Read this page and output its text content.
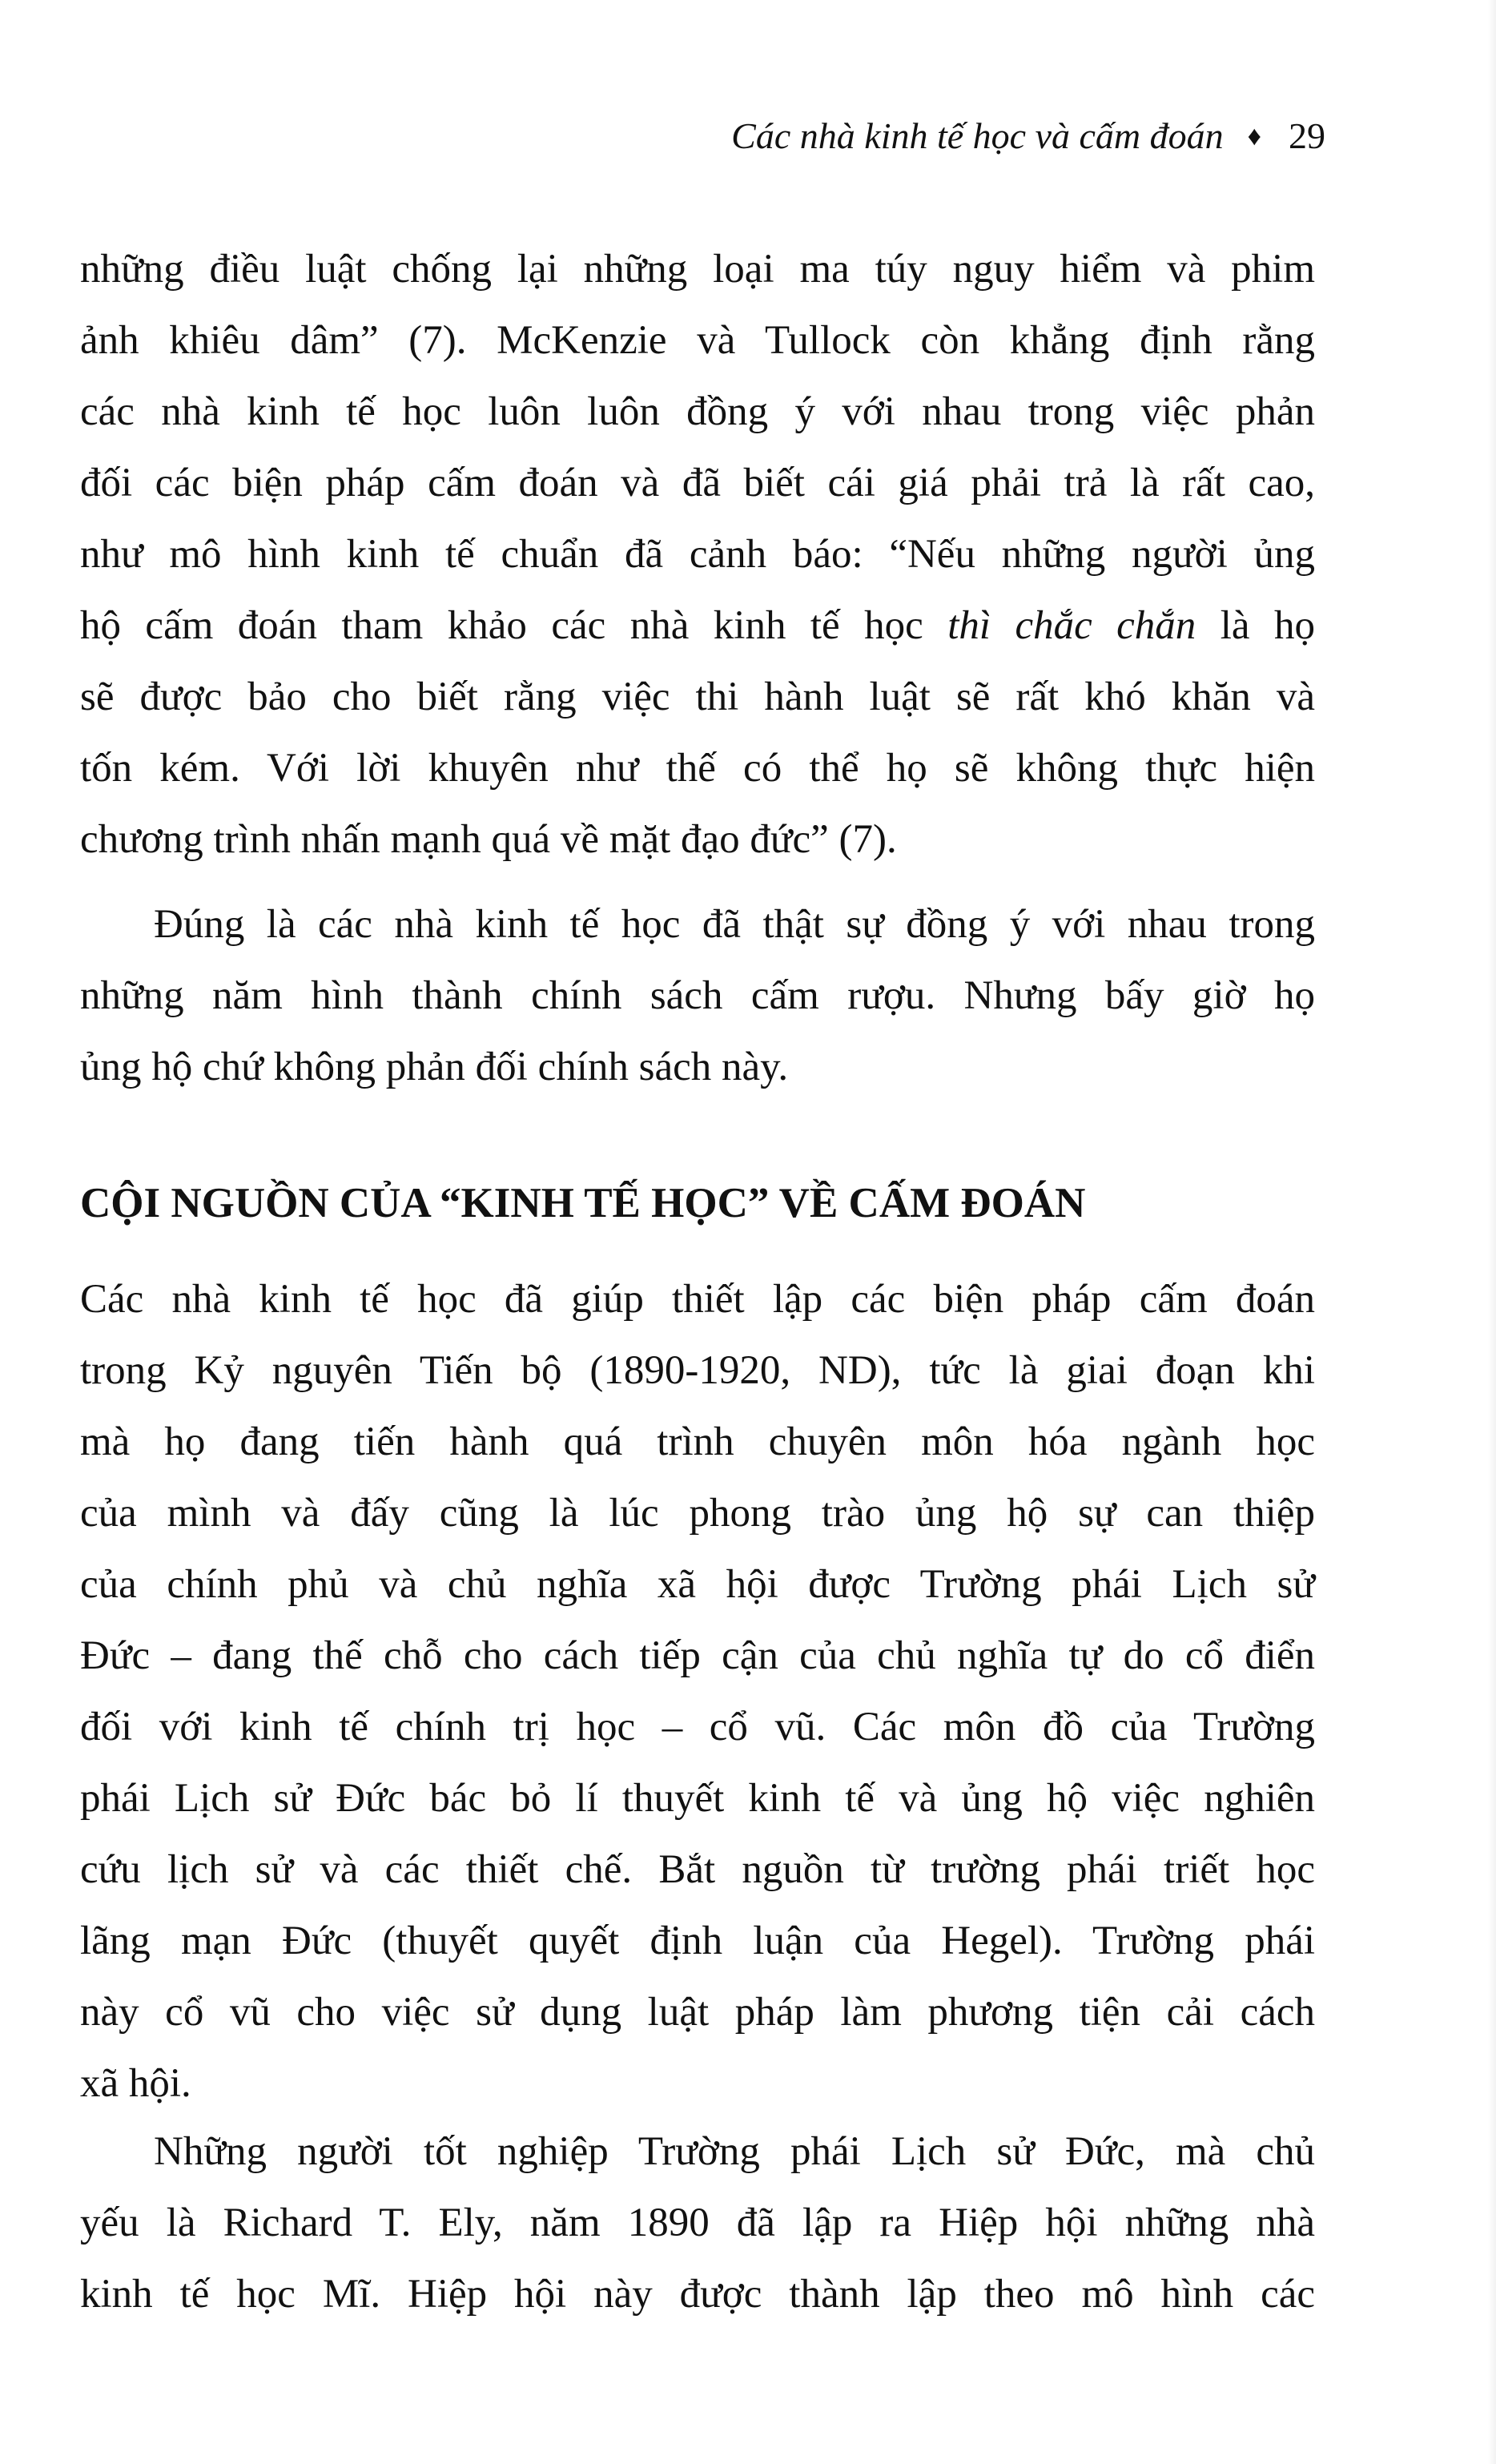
Các nhà kinh tế học và cấm đoán ♦ 29
những điều luật chống lại những loại ma túy nguy hiểm và phim
ảnh khiêu dâm” (7). McKenzie và Tullock còn khẳng định rằng
các nhà kinh tế học luôn luôn đồng ý với nhau trong việc phản
đối các biện pháp cấm đoán và đã biết cái giá phải trả là rất cao,
như mô hình kinh tế chuẩn đã cảnh báo: “Nếu những người ủng
hộ cấm đoán tham khảo các nhà kinh tế học thì chắc chắn là họ
sẽ được bảo cho biết rằng việc thi hành luật sẽ rất khó khăn và
tốn kém. Với lời khuyên như thế có thể họ sẽ không thực hiện
chương trình nhấn mạnh quá về mặt đạo đức” (7).
Đúng là các nhà kinh tế học đã thật sự đồng ý với nhau trong
những năm hình thành chính sách cấm rượu. Nhưng bấy giờ họ
ủng hộ chứ không phản đối chính sách này.
CỘI NGUỒN CỦA “KINH TẾ HỌC” VỀ CẤM ĐOÁN
Các nhà kinh tế học đã giúp thiết lập các biện pháp cấm đoán
trong Kỷ nguyên Tiến bộ (1890-1920, ND), tức là giai đoạn khi
mà họ đang tiến hành quá trình chuyên môn hóa ngành học
của mình và đấy cũng là lúc phong trào ủng hộ sự can thiệp
của chính phủ và chủ nghĩa xã hội được Trường phái Lịch sử
Đức – đang thế chỗ cho cách tiếp cận của chủ nghĩa tự do cổ điển
đối với kinh tế chính trị học – cổ vũ. Các môn đồ của Trường
phái Lịch sử Đức bác bỏ lí thuyết kinh tế và ủng hộ việc nghiên
cứu lịch sử và các thiết chế. Bắt nguồn từ trường phái triết học
lãng mạn Đức (thuyết quyết định luận của Hegel). Trường phái
này cổ vũ cho việc sử dụng luật pháp làm phương tiện cải cách
xã hội.
Những người tốt nghiệp Trường phái Lịch sử Đức, mà chủ
yếu là Richard T. Ely, năm 1890 đã lập ra Hiệp hội những nhà
kinh tế học Mĩ. Hiệp hội này được thành lập theo mô hình các
